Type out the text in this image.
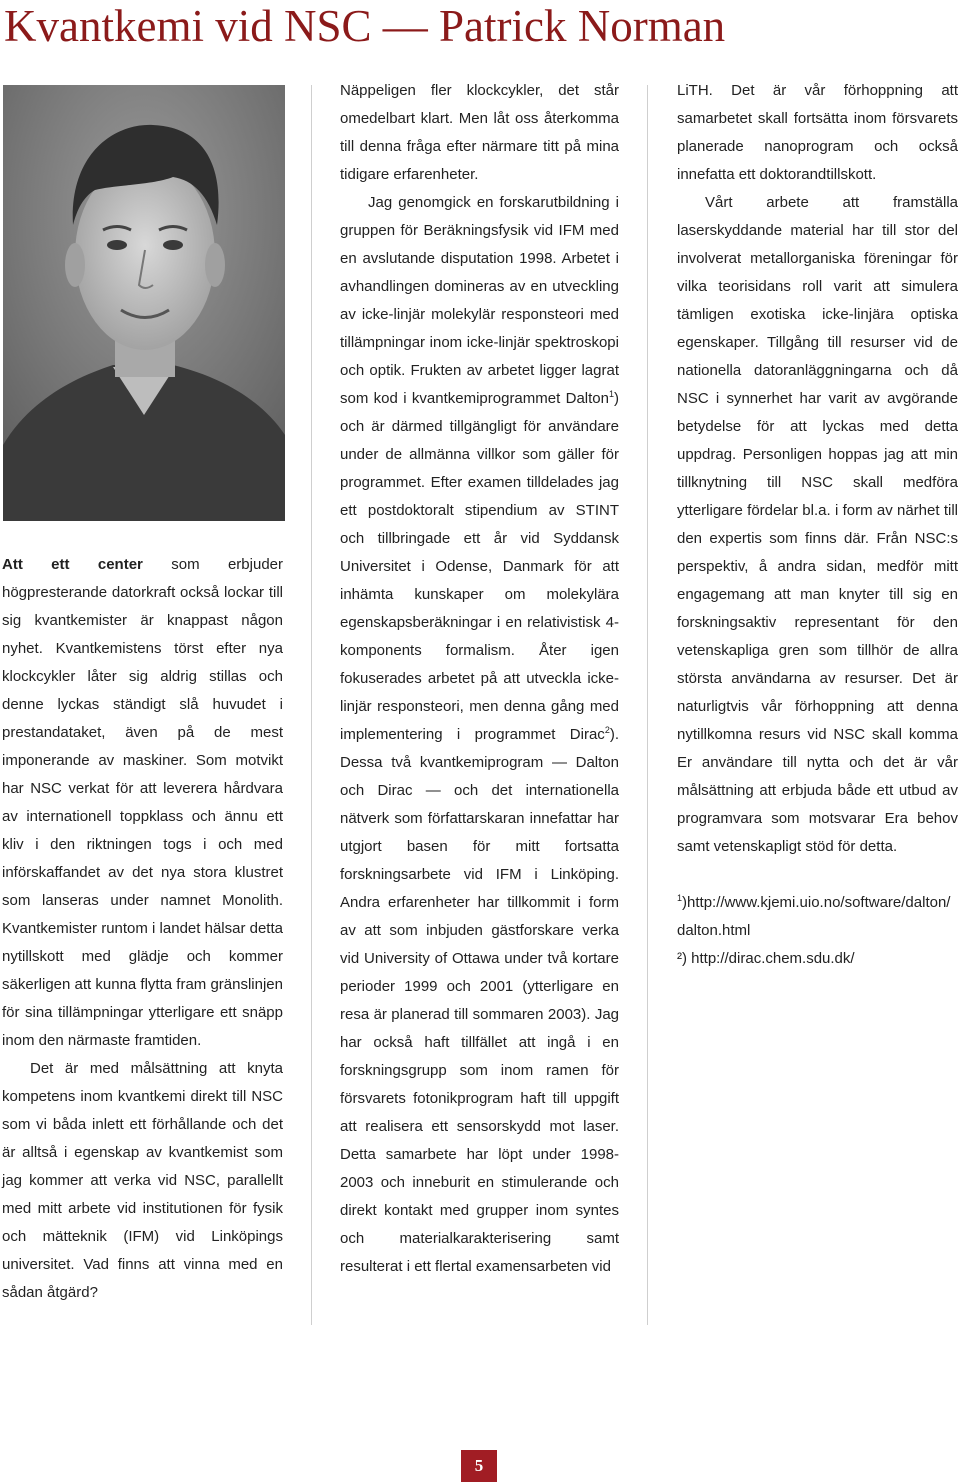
Kvantkemi vid NSC — Patrick Norman

Att ett center som erbjuder högpresterande datorkraft också lockar till sig kvantkemister är knappast någon nyhet. Kvantkemistens törst efter nya klockcykler låter sig aldrig stillas och denne lyckas ständigt slå huvudet i prestandataket, även på de mest imponerande av maskiner. Som motvikt har NSC verkat för att leverera hårdvara av internationell toppklass och ännu ett kliv i den riktningen togs i och med införskaffandet av det nya stora klustret som lanseras under namnet Monolith. Kvantkemister runtom i landet hälsar detta nytillskott med glädje och kommer säkerligen att kunna flytta fram gränslinjen för sina tillämpningar ytterligare ett snäpp inom den närmaste framtiden.

Det är med målsättning att knyta kompetens inom kvantkemi direkt till NSC som vi båda inlett ett förhållande och det är alltså i egenskap av kvantkemist som jag kommer att verka vid NSC, parallellt med mitt arbete vid institutionen för fysik och mätteknik (IFM) vid Linköpings universitet. Vad finns att vinna med en sådan åtgärd?

Näppeligen fler klockcykler, det står omedelbart klart. Men låt oss återkomma till denna fråga efter närmare titt på mina tidigare erfarenheter.

Jag genomgick en forskarutbildning i gruppen för Beräkningsfysik vid IFM med en avslutande disputation 1998. Arbetet i avhandlingen domineras av en utveckling av icke-linjär molekylär responsteori med tillämpningar inom icke-linjär spektroskopi och optik. Frukten av arbetet ligger lagrat som kod i kvantkemiprogrammet Dalton$^1$) och är därmed tillgängligt för användare under de allmänna villkor som gäller för programmet. Efter examen tilldelades jag ett postdoktoralt stipendium av STINT och tillbringade ett år vid Syddansk Universitet i Odense, Danmark för att inhämta kunskaper om molekylära egenskapsberäkningar i en relativistisk 4-komponents formalism. Åter igen fokuserades arbetet på att utveckla icke-linjär responsteori, men denna gång med implementering i programmet Dirac$^2$). Dessa två kvantkemiprogram — Dalton och Dirac — och det internationella nätverk som författarskaran innefattar har utgjort basen för mitt fortsatta forskningsarbete vid IFM i Linköping. Andra erfarenheter har tillkommit i form av att som inbjuden gästforskare verka vid University of Ottawa under två kortare perioder 1999 och 2001 (ytterligare en resa är planerad till sommaren 2003). Jag har också haft tillfället att ingå i en forskningsgrupp som inom ramen för försvarets fotonikprogram haft till uppgift att realisera ett sensorskydd mot laser. Detta samarbete har löpt under 1998-2003 och inneburit en stimulerande och direkt kontakt med grupper inom syntes och materialkarakterisering samt resulterat i ett flertal examensarbeten vid

LiTH. Det är vår förhoppning att samarbetet skall fortsätta inom försvarets planerade nanoprogram och också innefatta ett doktorandtillskott.

Vårt arbete att framställa laserskyddande material har till stor del involverat metallorganiska föreningar för vilka teorisidans roll varit att simulera tämligen exotiska icke-linjära optiska egenskaper. Tillgång till resurser vid de nationella datoranläggningarna och då NSC i synnerhet har varit av avgörande betydelse för att lyckas med detta uppdrag. Personligen hoppas jag att min tillknytning till NSC skall medföra ytterligare fördelar bl.a. i form av närhet till den expertis som finns där. Från NSC:s perspektiv, å andra sidan, medför mitt engagemang att man knyter till sig en forskningsaktiv representant för den vetenskapliga gren som tillhör de allra största användarna av resurser. Det är naturligtvis vår förhoppning att denna nytillkomna resurs vid NSC skall komma Er användare till nytta och det är vår målsättning att erbjuda både ett utbud av programvara som motsvarar Era behov samt vetenskapligt stöd för detta.

$^1$)http://www.kjemi.uio.no/software/dalton/dalton.html

²) http://dirac.chem.sdu.dk/

5
